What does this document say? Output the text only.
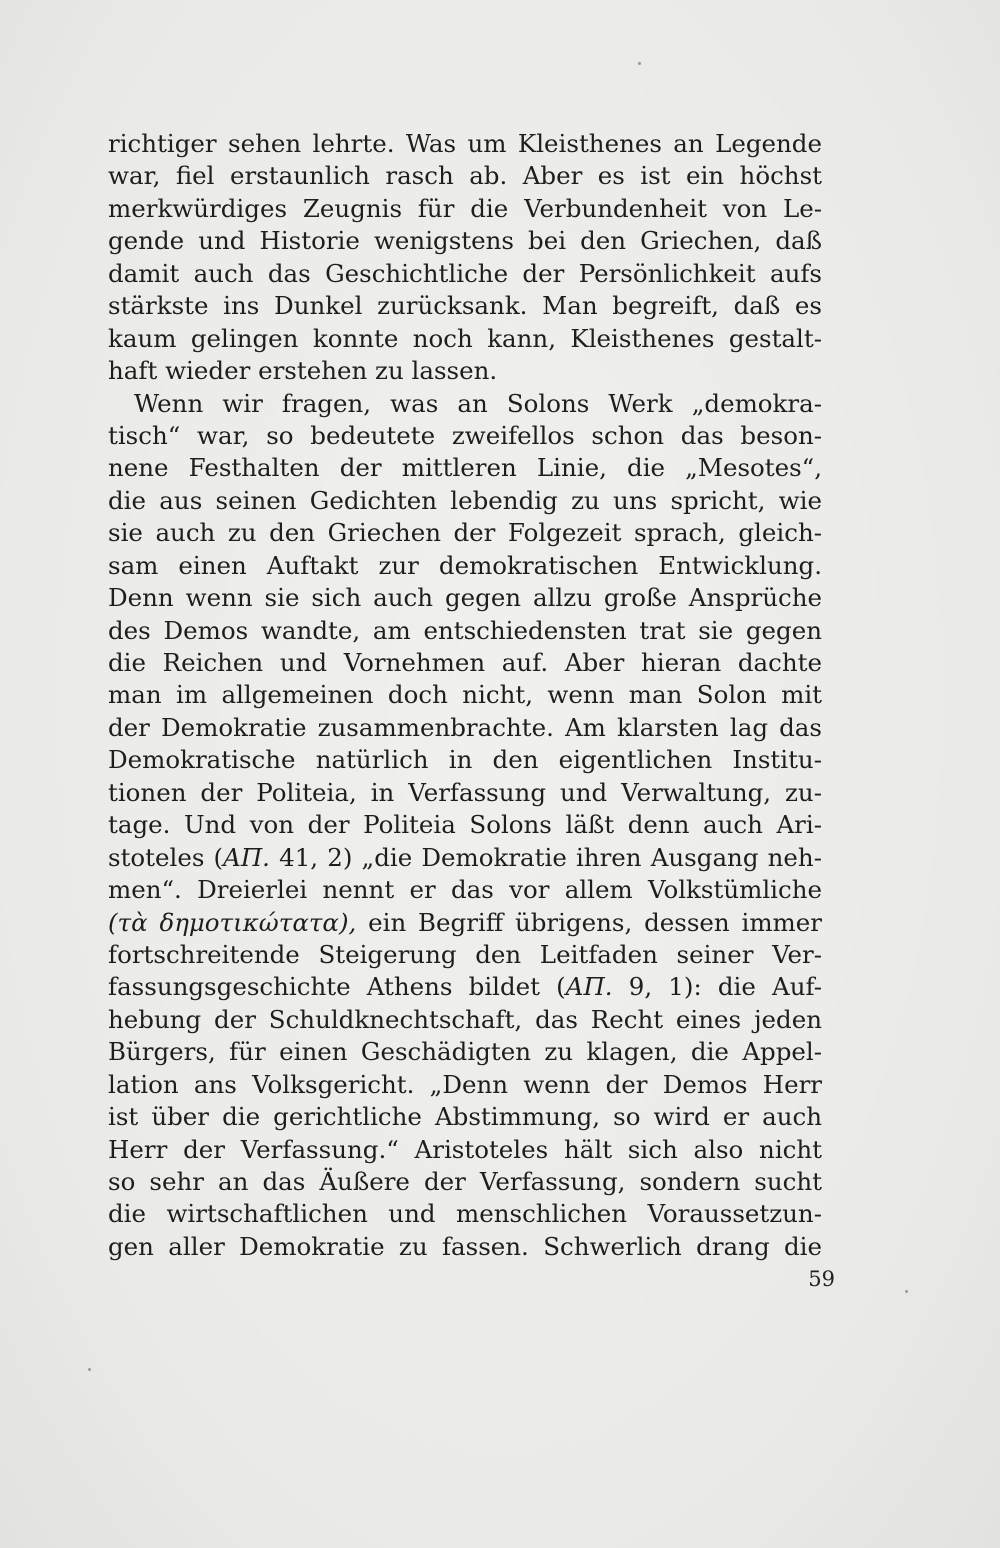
richtiger sehen lehrte. Was um Kleisthenes an Legende
war, fiel erstaunlich rasch ab. Aber es ist ein höchst
merkwürdiges Zeugnis für die Verbundenheit von Le-
gende und Historie wenigstens bei den Griechen, daß
damit auch das Geschichtliche der Persönlichkeit aufs
stärkste ins Dunkel zurücksank. Man begreift, daß es
kaum gelingen konnte noch kann, Kleisthenes gestalt-
haft wieder erstehen zu lassen.
Wenn wir fragen, was an Solons Werk „demokra-
tisch“ war, so bedeutete zweifellos schon das beson-
nene Festhalten der mittleren Linie, die „Mesotes“,
die aus seinen Gedichten lebendig zu uns spricht, wie
sie auch zu den Griechen der Folgezeit sprach, gleich-
sam einen Auftakt zur demokratischen Entwicklung.
Denn wenn sie sich auch gegen allzu große Ansprüche
des Demos wandte, am entschiedensten trat sie gegen
die Reichen und Vornehmen auf. Aber hieran dachte
man im allgemeinen doch nicht, wenn man Solon mit
der Demokratie zusammenbrachte. Am klarsten lag das
Demokratische natürlich in den eigentlichen Institu-
tionen der Politeia, in Verfassung und Verwaltung, zu-
tage. Und von der Politeia Solons läßt denn auch Ari-
stoteles (ΑΠ. 41, 2) „die Demokratie ihren Ausgang neh-
men“. Dreierlei nennt er das vor allem Volkstümliche
(τὰ δημοτικώτατα), ein Begriff übrigens, dessen immer
fortschreitende Steigerung den Leitfaden seiner Ver-
fassungsgeschichte Athens bildet (ΑΠ. 9, 1): die Auf-
hebung der Schuldknechtschaft, das Recht eines jeden
Bürgers, für einen Geschädigten zu klagen, die Appel-
lation ans Volksgericht. „Denn wenn der Demos Herr
ist über die gerichtliche Abstimmung, so wird er auch
Herr der Verfassung.“ Aristoteles hält sich also nicht
so sehr an das Äußere der Verfassung, sondern sucht
die wirtschaftlichen und menschlichen Voraussetzun-
gen aller Demokratie zu fassen. Schwerlich drang die
59
